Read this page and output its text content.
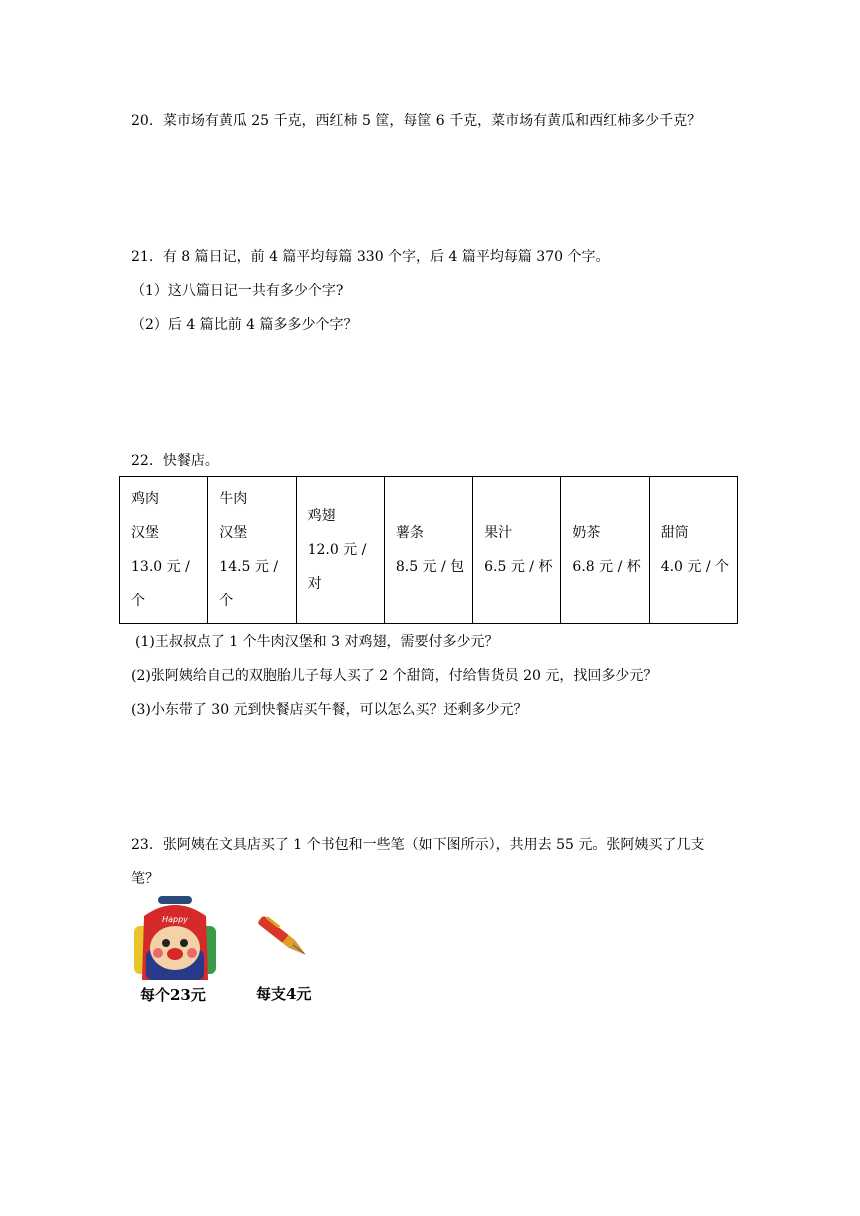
20．菜市场有黄瓜 25 千克，西红柿 5 筐，每筐 6 千克，菜市场有黄瓜和西红柿多少千克？
21．有 8 篇日记，前 4 篇平均每篇 330 个字，后 4 篇平均每篇 370 个字。
（1）这八篇日记一共有多少个字?
（2）后 4 篇比前 4 篇多多少个字？
22．快餐店。
鸡肉
汉堡
13.0 元 /
个

牛肉
汉堡
14.5 元 /
个

鸡翅
12.0 元 /
对

薯条
8.5 元 / 包

果汁
6.5 元 / 杯

奶茶
6.8 元 / 杯

甜筒
4.0 元 / 个
(1)王叔叔点了 1 个牛肉汉堡和 3 对鸡翅，需要付多少元？
(2)张阿姨给自己的双胞胎儿子每人买了 2 个甜筒，付给售货员 20 元，找回多少元？
(3)小东带了 30 元到快餐店买午餐，可以怎么买？还剩多少元？
23．张阿姨在文具店买了 1 个书包和一些笔（如下图所示），共用去 55 元。张阿姨买了几支
笔？
Happy
每个23元	每支4元
